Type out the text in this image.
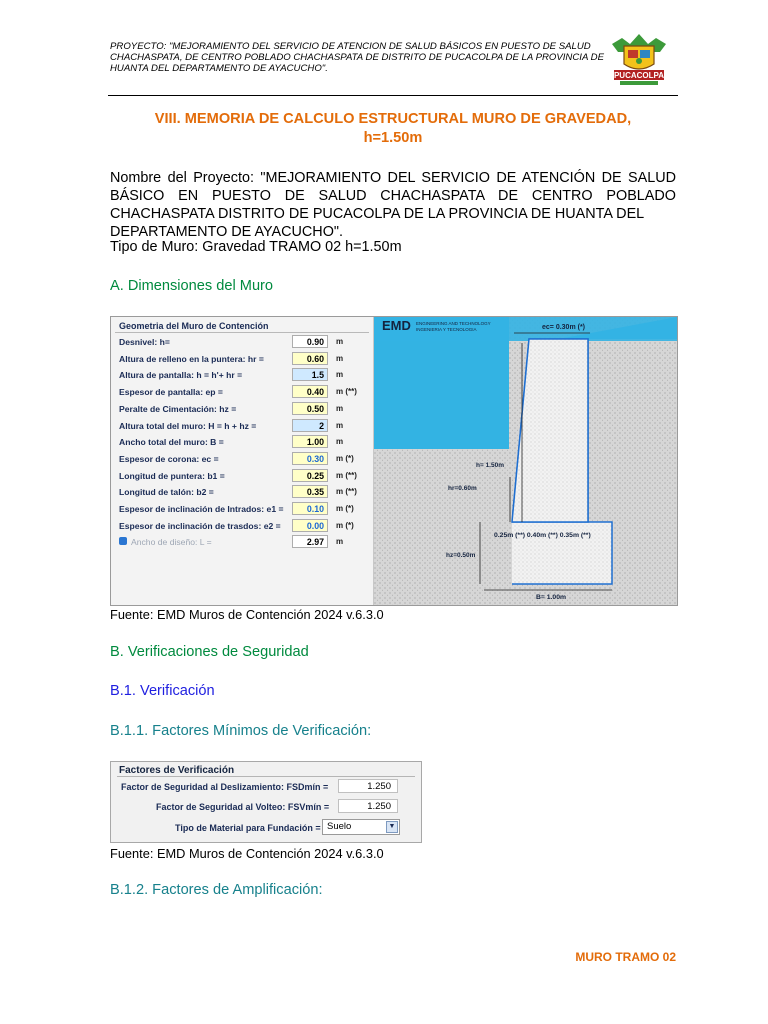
PROYECTO: "MEJORAMIENTO DEL SERVICIO DE ATENCION DE SALUD BÁSICOS EN PUESTO DE SALUD CHACHASPATA, DE CENTRO POBLADO CHACHASPATA DE DISTRITO DE PUCACOLPA DE LA PROVINCIA DE HUANTA DEL DEPARTAMENTO DE AYACUCHO".
PUCACOLPA
VIII. MEMORIA DE CALCULO ESTRUCTURAL MURO DE GRAVEDAD,
h=1.50m
Nombre del Proyecto: "MEJORAMIENTO DEL SERVICIO DE ATENCIÓN DE SALUD BÁSICO EN PUESTO DE SALUD CHACHASPATA DE CENTRO POBLADO CHACHASPATA DISTRITO DE PUCACOLPA DE LA PROVINCIA DE HUANTA DEL
DEPARTAMENTO DE AYACUCHO".
Tipo de Muro: Gravedad TRAMO 02 h=1.50m
A. Dimensiones del Muro
Geometria del Muro de Contención
Desnivel: h=	0.90	m
Altura de relleno en la puntera: hr =	0.60	m
Altura de pantalla: h = h'+ hr =	1.5	m
Espesor de pantalla: ep =	0.40	m (**)
Peralte de Cimentación: hz =	0.50	m
Altura total del muro: H = h + hz =	2	m
Ancho total del muro: B =	1.00	m
Espesor de corona: ec =	0.30	m (*)
Longitud de puntera: b1 =	0.25	m (**)
Longitud de talón: b2 =	0.35	m (**)
Espesor de inclinación de Intrados: e1 =	0.10	m (*)
Espesor de inclinación de trasdos: e2 =	0.00	m (*)
Ancho de diseño: L =	2.97	m
EMD ENGINEERING AND TECHNOLOGY
INGENIERIA Y TECNOLOGIA	ec= 0.30m (*)
h= 1.50m
hr=0.60m
0.25m (**) 0.40m (**) 0.35m (**)
hz=0.50m
B= 1.00m
Fuente: EMD Muros de Contención 2024 v.6.3.0
B. Verificaciones de Seguridad
B.1. Verificación
B.1.1. Factores Mínimos de Verificación:
Factores de Verificación
Factor de Seguridad al Deslizamiento: FSDmín =	1.250
Factor de Seguridad al Volteo: FSVmín =	1.250
Tipo de Material para Fundación = Suelo	▼
Fuente: EMD Muros de Contención 2024 v.6.3.0
B.1.2. Factores de Amplificación:
MURO TRAMO 02
